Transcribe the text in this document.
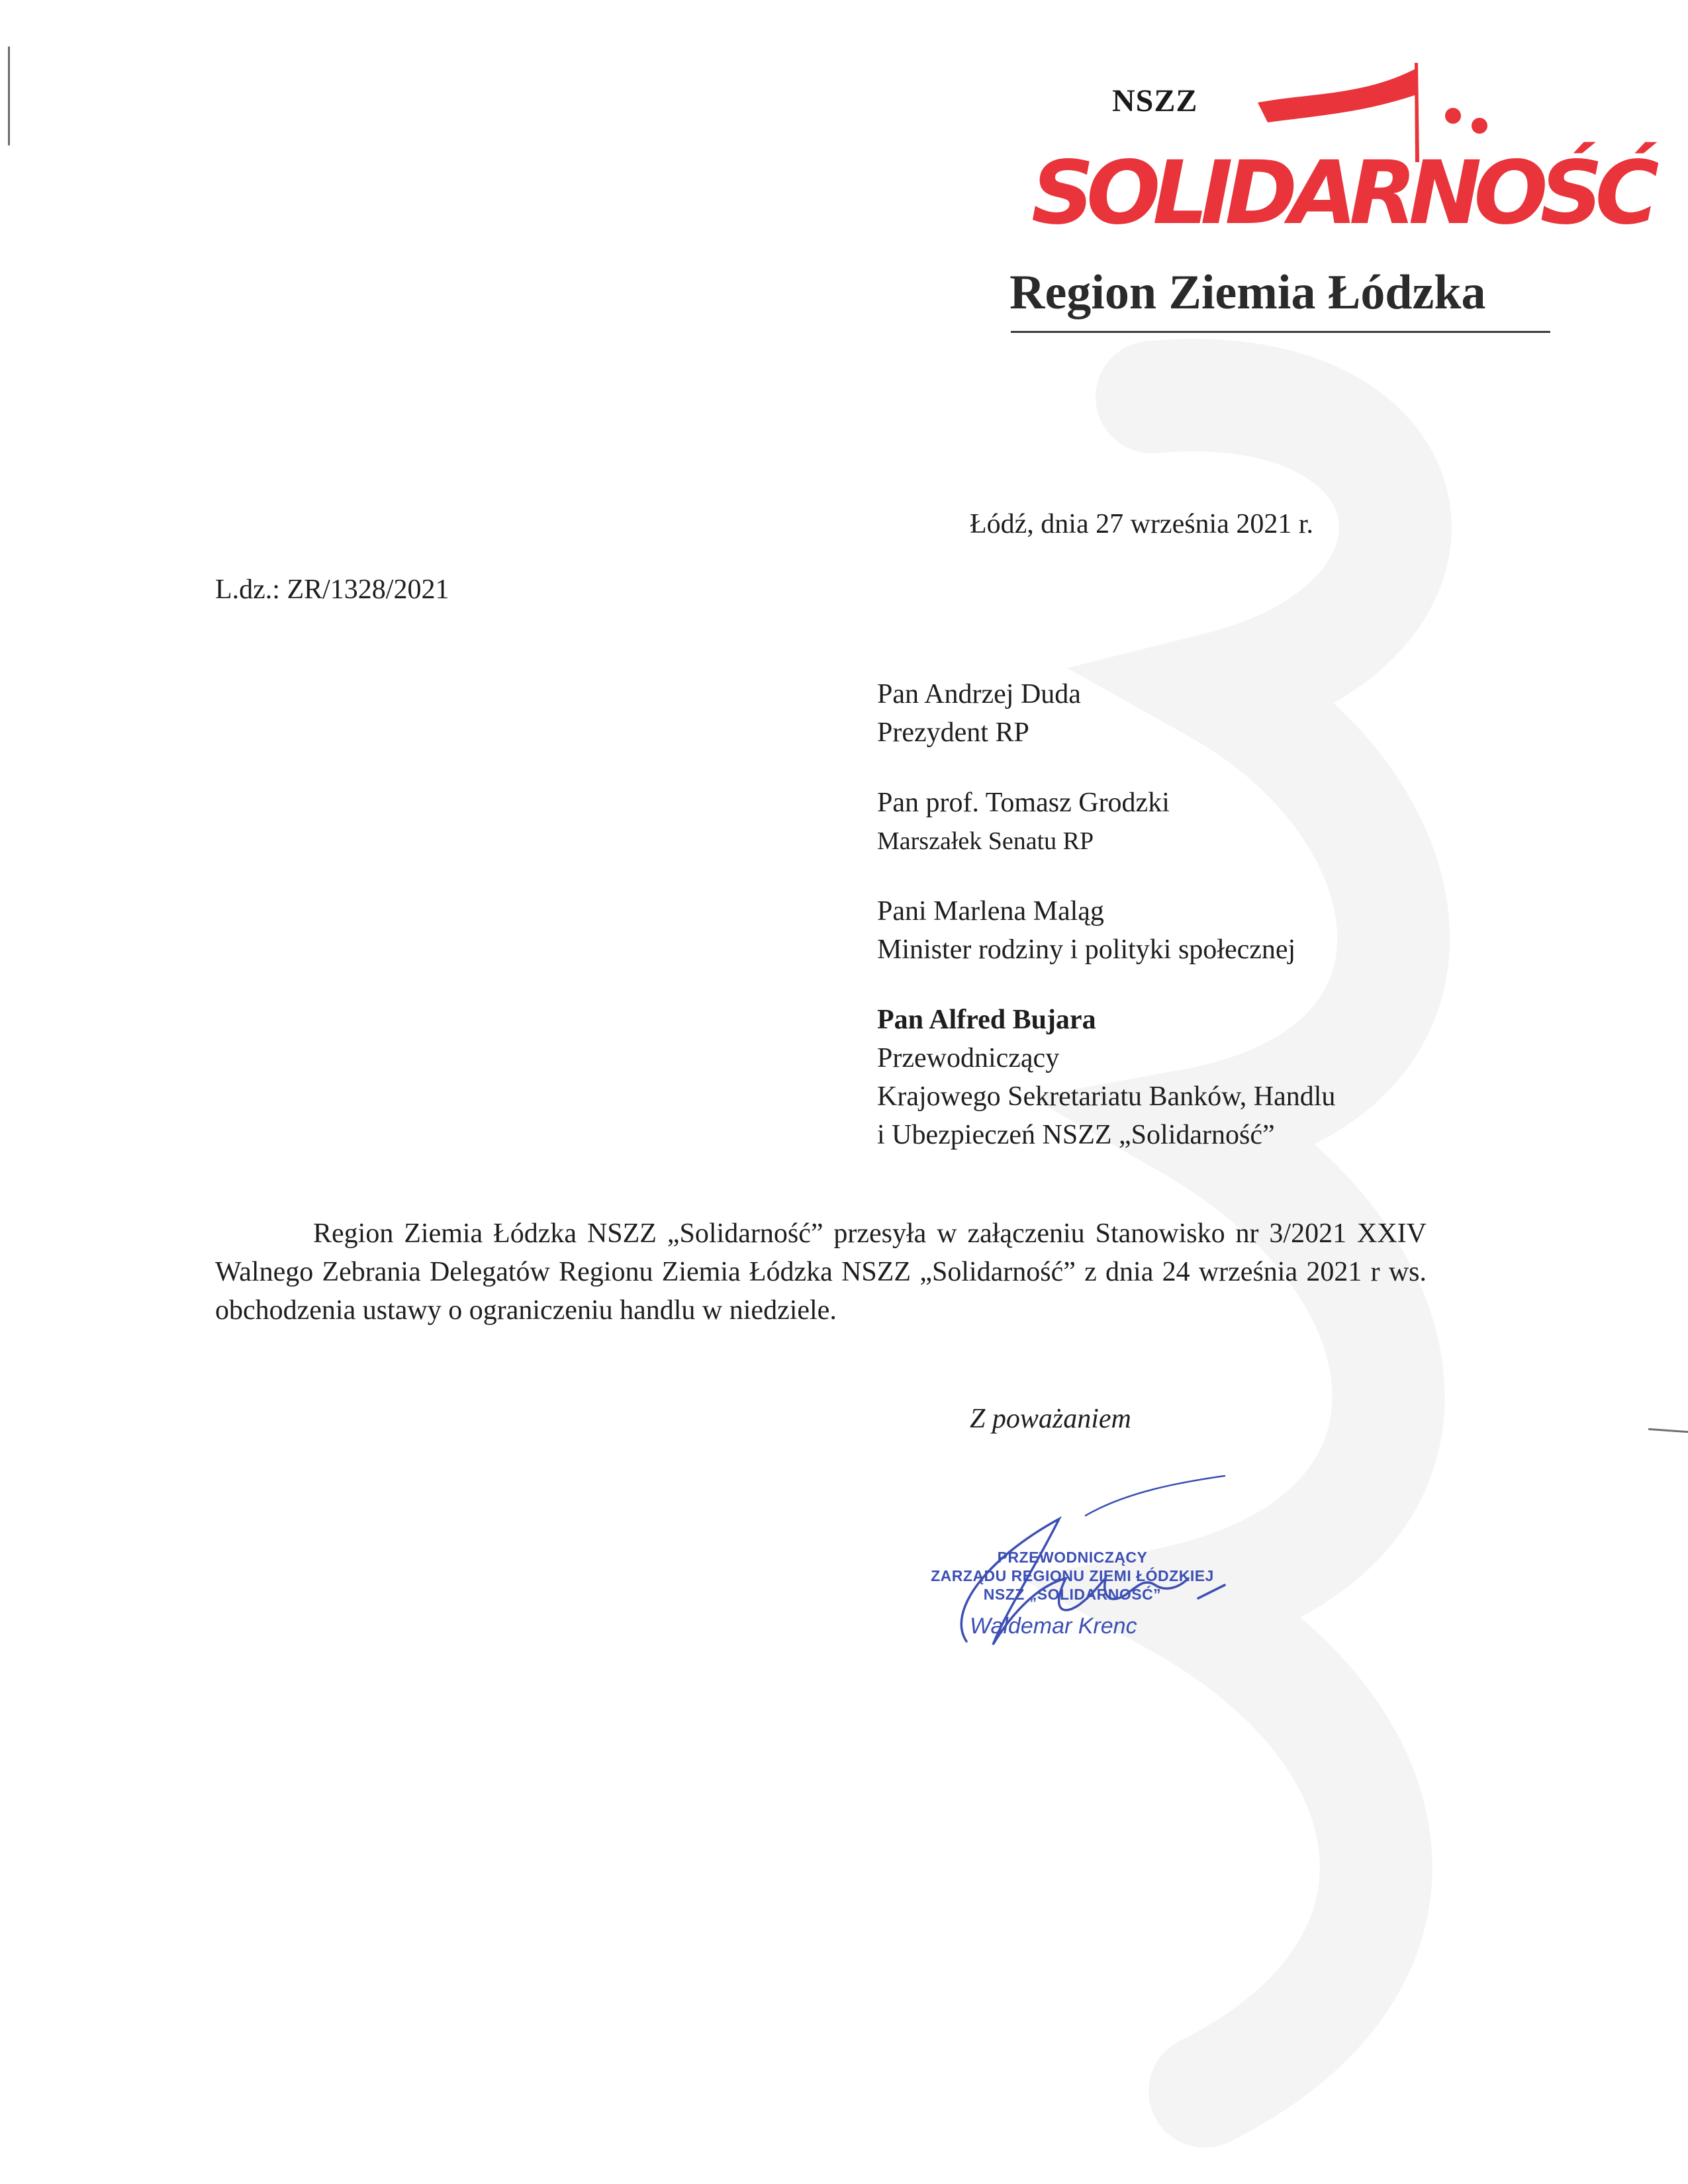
NSZZ
SOLIDARNOŚĆ
Region Ziemia Łódzka
Łódź, dnia 27 września 2021 r.
L.dz.: ZR/1328/2021
Pan Andrzej Duda
Prezydent RP
Pan prof. Tomasz Grodzki
Marszałek Senatu RP
Pani Marlena Maląg
Minister rodziny i polityki społecznej
Pan Alfred Bujara
Przewodniczący
Krajowego Sekretariatu Banków, Handlu
i Ubezpieczeń NSZZ „Solidarność”
Region Ziemia Łódzka NSZZ „Solidarność” przesyła w załączeniu Stanowisko nr 3/2021 XXIV Walnego Zebrania Delegatów Regionu Ziemia Łódzka NSZZ „Solidarność” z dnia 24 września 2021 r ws. obchodzenia ustawy o ograniczeniu handlu w niedziele.
Z poważaniem
PRZEWODNICZĄCY
ZARZĄDU REGIONU ZIEMI ŁÓDZKIEJ
NSZZ „SOLIDARNOŚĆ”
Waldemar Krenc
